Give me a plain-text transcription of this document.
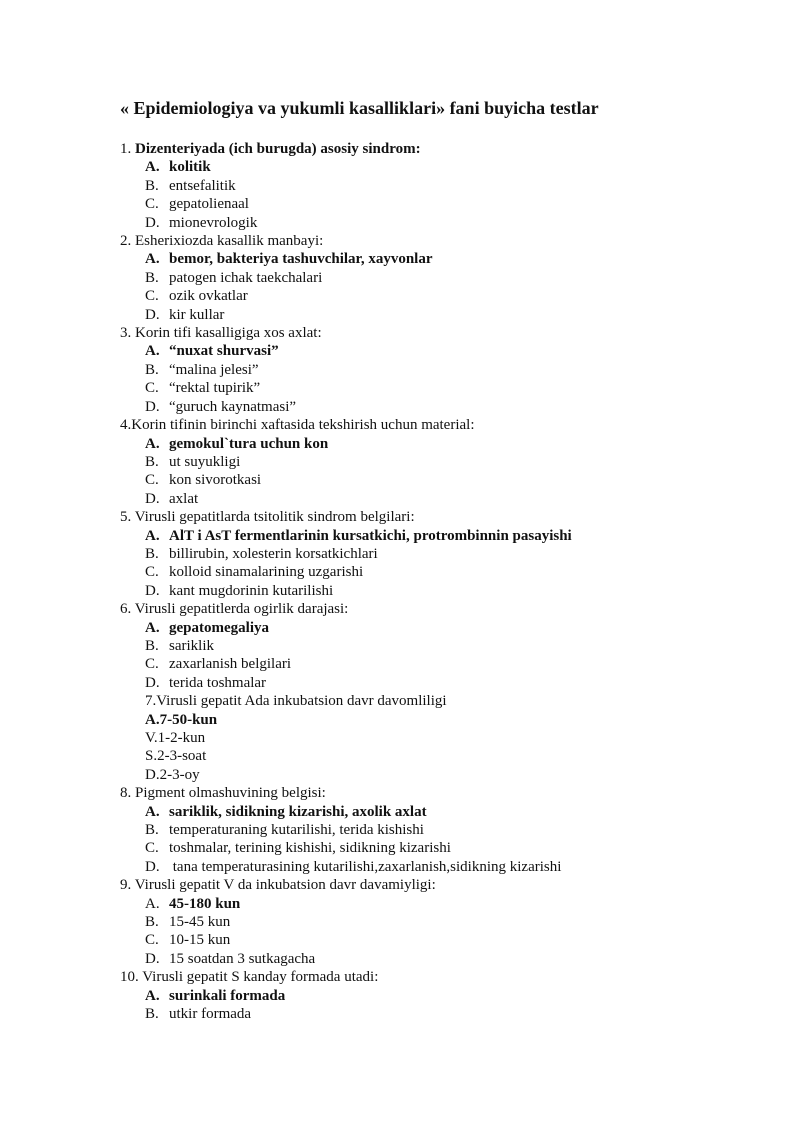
« Epidemiologiya va yukumli kasalliklari» fani buyicha testlar
1. Dizenteriyada (ich burugda) asosiy sindrom:
A. kolitik
B. entsefalitik
C. gepatolienaal
D. mionevrologik
2. Esherixiozda kasallik manbayi:
A. bemor, bakteriya tashuvchilar, xayvonlar
B. patogen ichak taekchalari
C. ozik ovkatlar
D. kir kullar
3. Korin tifi kasalligiga xos axlat:
A. “nuxat shurvasi”
B. “malina jelesi”
C. “rektal tupirik”
D. “guruch kaynatmasi”
4.Korin tifinin birinchi xaftasida tekshirish uchun material:
A. gemokul`tura uchun kon
B. ut suyukligi
C. kon sivorotkasi
D. axlat
5. Virusli gepatitlarda tsitolitik sindrom belgilari:
A. AlT i AsT fermentlarinin kursatkichi, protrombinnin pasayishi
B. billirubin, xolesterin korsatkichlari
C. kolloid sinamalarining uzgarishi
D. kant mugdorinin kutarilishi
6. Virusli gepatitlerda ogirlik darajasi:
A. gepatomegaliya
B. sariklik
C. zaxarlanish belgilari
D. terida toshmalar
7.Virusli gepatit Ada inkubatsion davr davomliligi
A.7-50-kun
V.1-2-kun
S.2-3-soat
D.2-3-oy
8. Pigment olmashuvining belgisi:
A. sariklik, sidikning kizarishi, axolik axlat
B. temperaturaning kutarilishi, terida kishishi
C. toshmalar, terining kishishi, sidikning kizarishi
D. tana temperaturasining kutarilishi,zaxarlanish,sidikning kizarishi
9. Virusli gepatit V da inkubatsion davr davamiyligi:
A. 45-180 kun
B. 15-45 kun
C. 10-15 kun
D. 15 soatdan 3 sutkagacha
10. Virusli gepatit S kanday formada utadi:
A. surinkali formada
B. utkir formada
